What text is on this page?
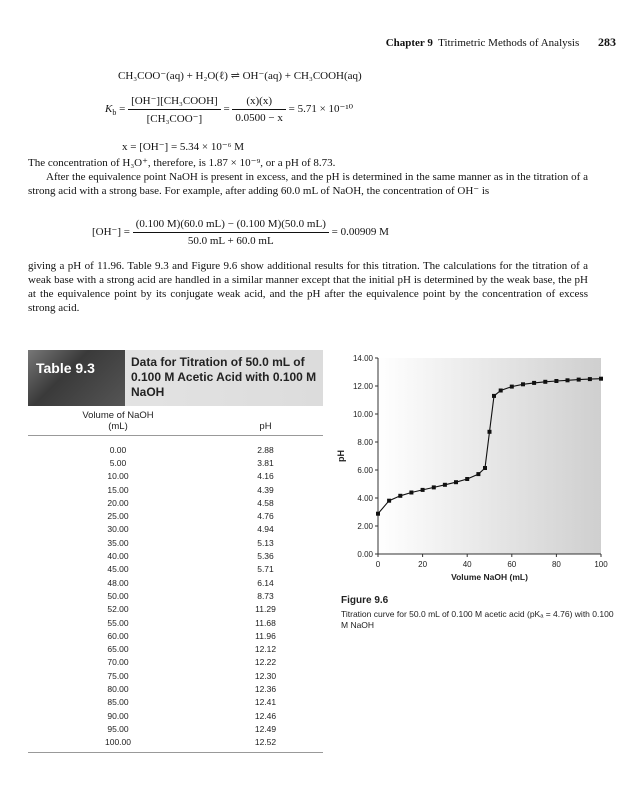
Chapter 9 Titrimetric Methods of Analysis 283
CH₃COO⁻(aq) + H₂O(ℓ) ⇌ OH⁻(aq) + CH₃COOH(aq)
$K_b = \frac{\text{[OH⁻][CH₃COOH]}}{\text{[CH₃COO⁻]}} = \frac{(x)(x)}{0.0500 - x} = 5.71 \times 10^{-10}$
x = [OH⁻] = 5.34 × 10⁻⁶ M

The concentration of H₃O⁺, therefore, is 1.87 × 10⁻⁹, or a pH of 8.73.

After the equivalence point NaOH is present in excess, and the pH is determined in the same manner as in the titration of a strong acid with a strong base. For example, after adding 60.0 mL of NaOH, the concentration of OH⁻ is

$[OH^-] = \frac{(0.100 M)(60.0 mL) - (0.100 M)(50.0 mL)}{50.0 mL + 60.0 mL} = 0.00909$ M

giving a pH of 11.96. Table 9.3 and Figure 9.6 show additional results for this titration. The calculations for the titration of a weak base with a strong acid are handled in a similar manner except that the initial pH is determined by the weak base, the pH at the equivalence point by its conjugate weak acid, and the pH after the equivalence point by the concentration of excess strong acid.

Table 9.3	Data for Titration of 50.0 mL of 0.100 M Acetic Acid with 0.100 M NaOH
Volume of NaOH
(mL)	pH
0.00	2.88
5.00	3.81
10.00	4.16
15.00	4.39
20.00	4.58
25.00	4.76
30.00	4.94
35.00	5.13
40.00	5.36
45.00	5.71
48.00	6.14
50.00	8.73
52.00	11.29
55.00	11.68
60.00	11.96
65.00	12.12
70.00	12.22
75.00	12.30
80.00	12.36
85.00	12.41
90.00	12.46
95.00	12.49
100.00	12.52
0.00
2.00
4.00
6.00
8.00
10.00
12.00
14.00
0	20	40	60	80	100
Volume NaOH (mL)
pH
Figure 9.6
Titration curve for 50.0 mL of 0.100 M acetic acid (pKₐ = 4.76) with 0.100 M NaOH
